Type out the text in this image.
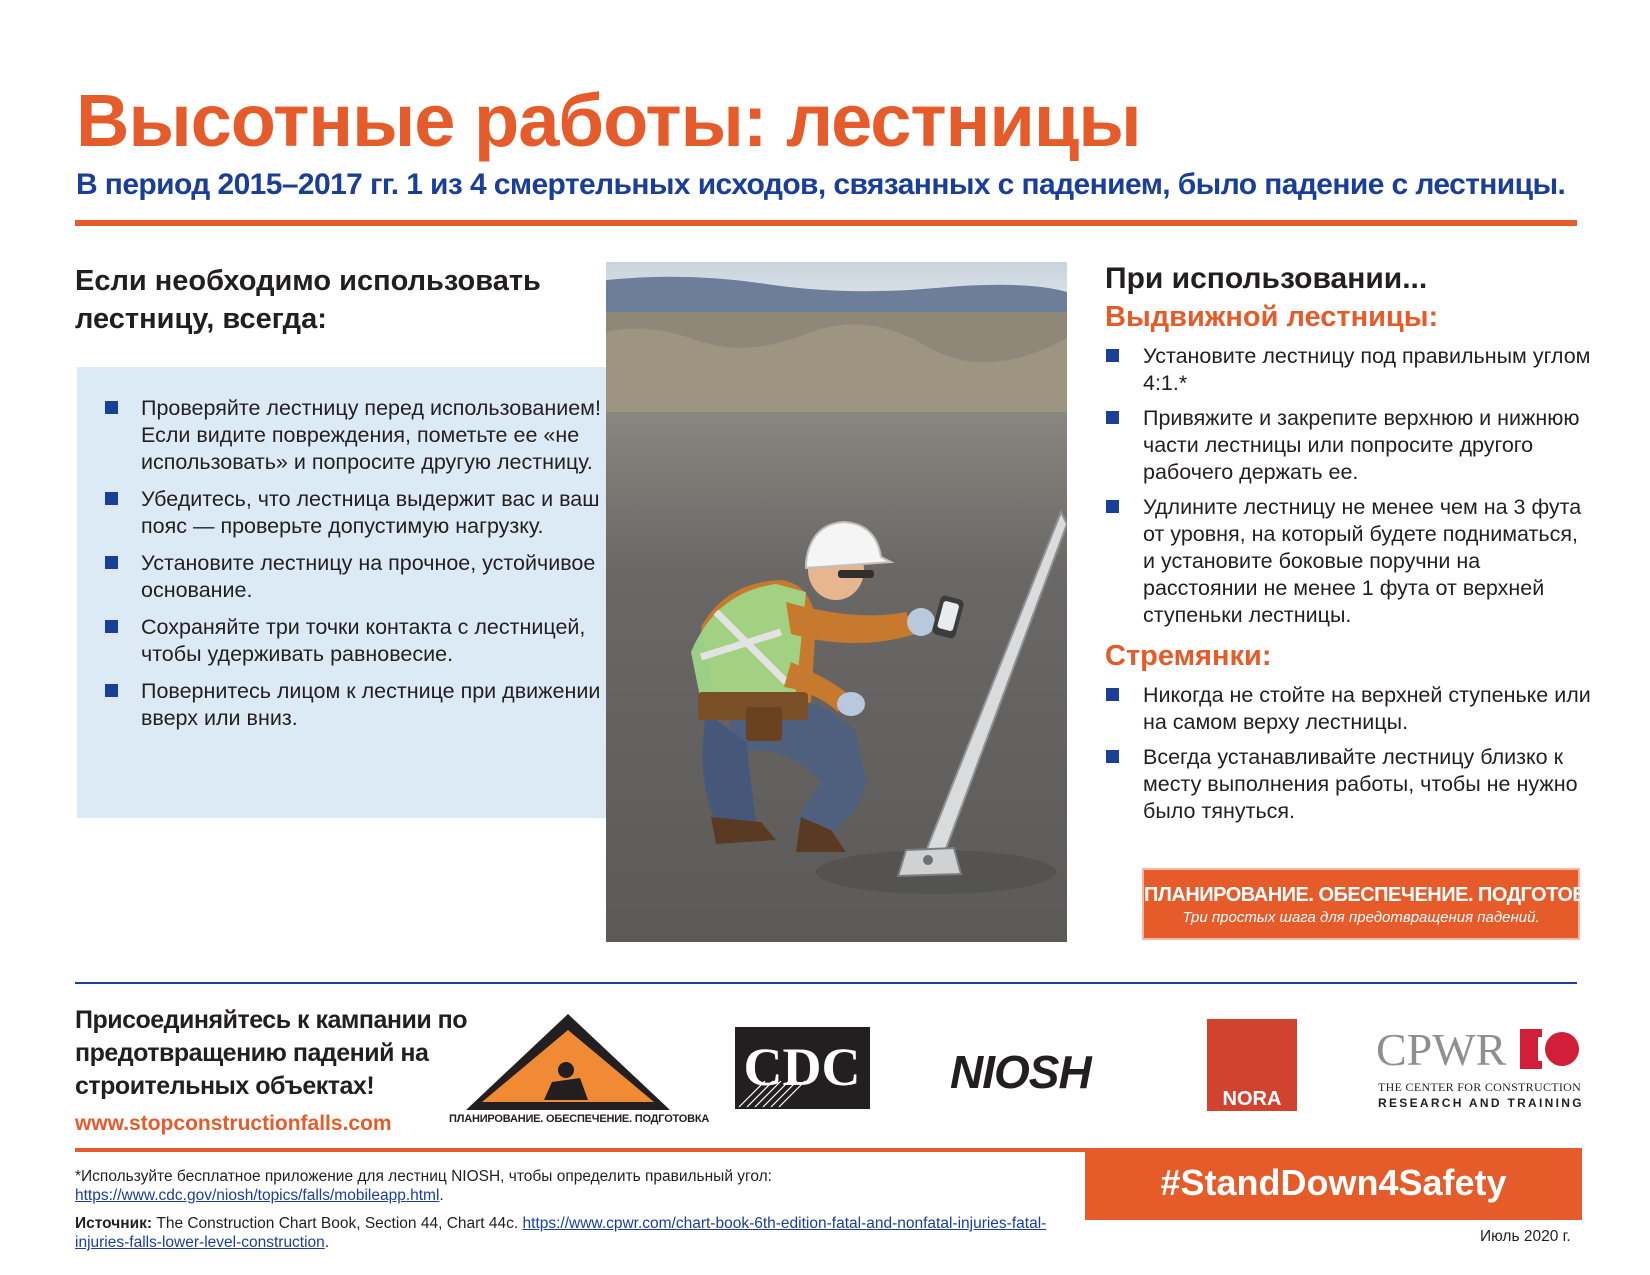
Высотные работы: лестницы
В период 2015–2017 гг. 1 из 4 смертельных исходов, связанных с падением, было падение с лестницы.
Если необходимо использовать лестницу, всегда:
Проверяйте лестницу перед использованием! Если видите повреждения, пометьте ее «не использовать» и попросите другую лестницу.
Убедитесь, что лестница выдержит вас и ваш пояс — проверьте допустимую нагрузку.
Установите лестницу на прочное, устойчивое основание.
Сохраняйте три точки контакта с лестницей, чтобы удерживать равновесие.
Повернитесь лицом к лестнице при движении вверх или вниз.
При использовании...
Выдвижной лестницы:
Установите лестницу под правильным углом 4:1.*
Привяжите и закрепите верхнюю и нижнюю части лестницы или попросите другого рабочего держать ее.
Удлините лестницу не менее чем на 3 фута от уровня, на который будете подниматься, и установите боковые поручни на расстоянии не менее 1 фута от верхней ступеньки лестницы.
Стремянки:
Никогда не стойте на верхней ступеньке или на самом верху лестницы.
Всегда устанавливайте лестницу близко к месту выполнения работы, чтобы не нужно было тянуться.
ПЛАНИРОВАНИЕ. ОБЕСПЕЧЕНИЕ. ПОДГОТОВКА.
Три простых шага для предотвращения падений.
Присоединяйтесь к кампании по предотвращению падений на строительных объектах!
www.stopconstructionfalls.com	ПЛАНИРОВАНИЕ. ОБЕСПЕЧЕНИЕ. ПОДГОТОВКА
CDC NIOSH
NORA
CPWR
THE CENTER FOR CONSTRUCTION
RESEARCH AND TRAINING
#StandDown4Safety
*Используйте бесплатное приложение для лестниц NIOSH, чтобы определить правильный угол: https://www.cdc.gov/niosh/topics/falls/mobileapp.html.
Источник: The Construction Chart Book, Section 44, Chart 44c. https://www.cpwr.com/chart-book-6th-edition-fatal-and-nonfatal-injuries-fatal-injuries-falls-lower-level-construction.	Июль 2020 г.
